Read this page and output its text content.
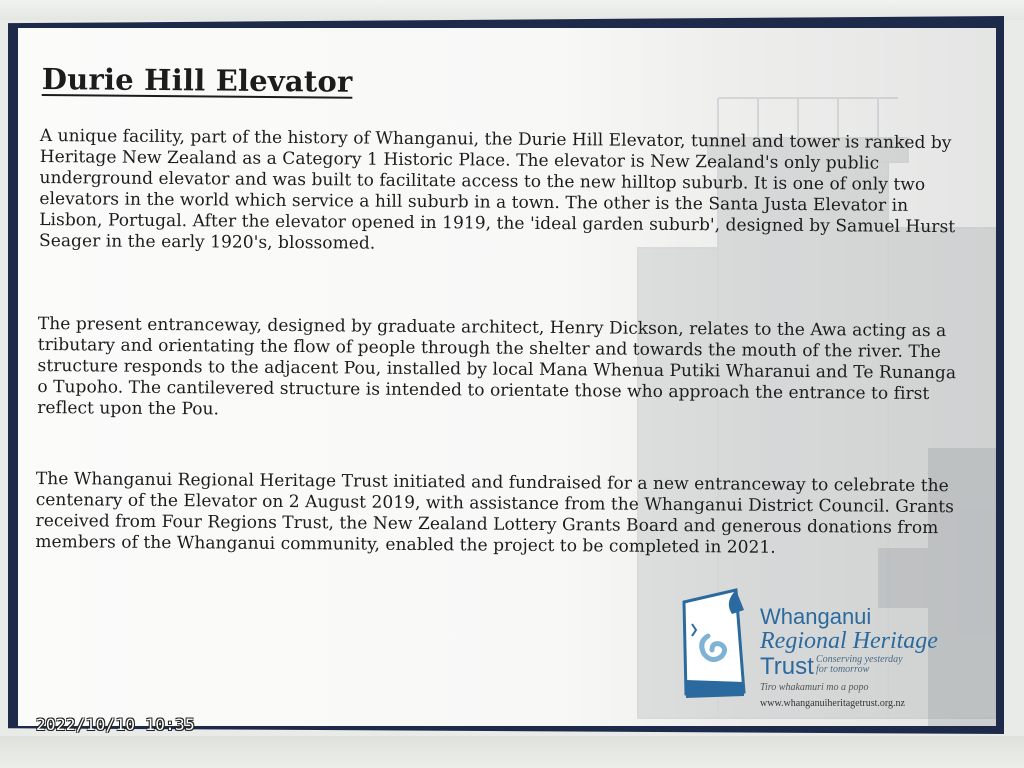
Durie Hill Elevator

A unique facility, part of the history of Whanganui, the Durie Hill Elevator, tunnel and tower is ranked by Heritage New Zealand as a Category 1 Historic Place. The elevator is New Zealand's only public underground elevator and was built to facilitate access to the new hilltop suburb. It is one of only two elevators in the world which service a hill suburb in a town. The other is the Santa Justa Elevator in Lisbon, Portugal. After the elevator opened in 1919, the 'ideal garden suburb', designed by Samuel Hurst Seager in the early 1920's, blossomed.

The present entranceway, designed by graduate architect, Henry Dickson, relates to the Awa acting as a tributary and orientating the flow of people through the shelter and towards the mouth of the river. The structure responds to the adjacent Pou, installed by local Mana Whenua Putiki Wharanui and Te Runanga o Tupoho. The cantilevered structure is intended to orientate those who approach the entrance to first reflect upon the Pou.

The Whanganui Regional Heritage Trust initiated and fundraised for a new entranceway to celebrate the centenary of the Elevator on 2 August 2019, with assistance from the Whanganui District Council. Grants received from Four Regions Trust, the New Zealand Lottery Grants Board and generous donations from members of the Whanganui community, enabled the project to be completed in 2021.

Whanganui

Regional Heritage

Trust Conserving yesterday for tomorrow

Tiro whakamuri mo a popo

www.whanganuiheritagetrust.org.nz

2022/10/10 10:35
